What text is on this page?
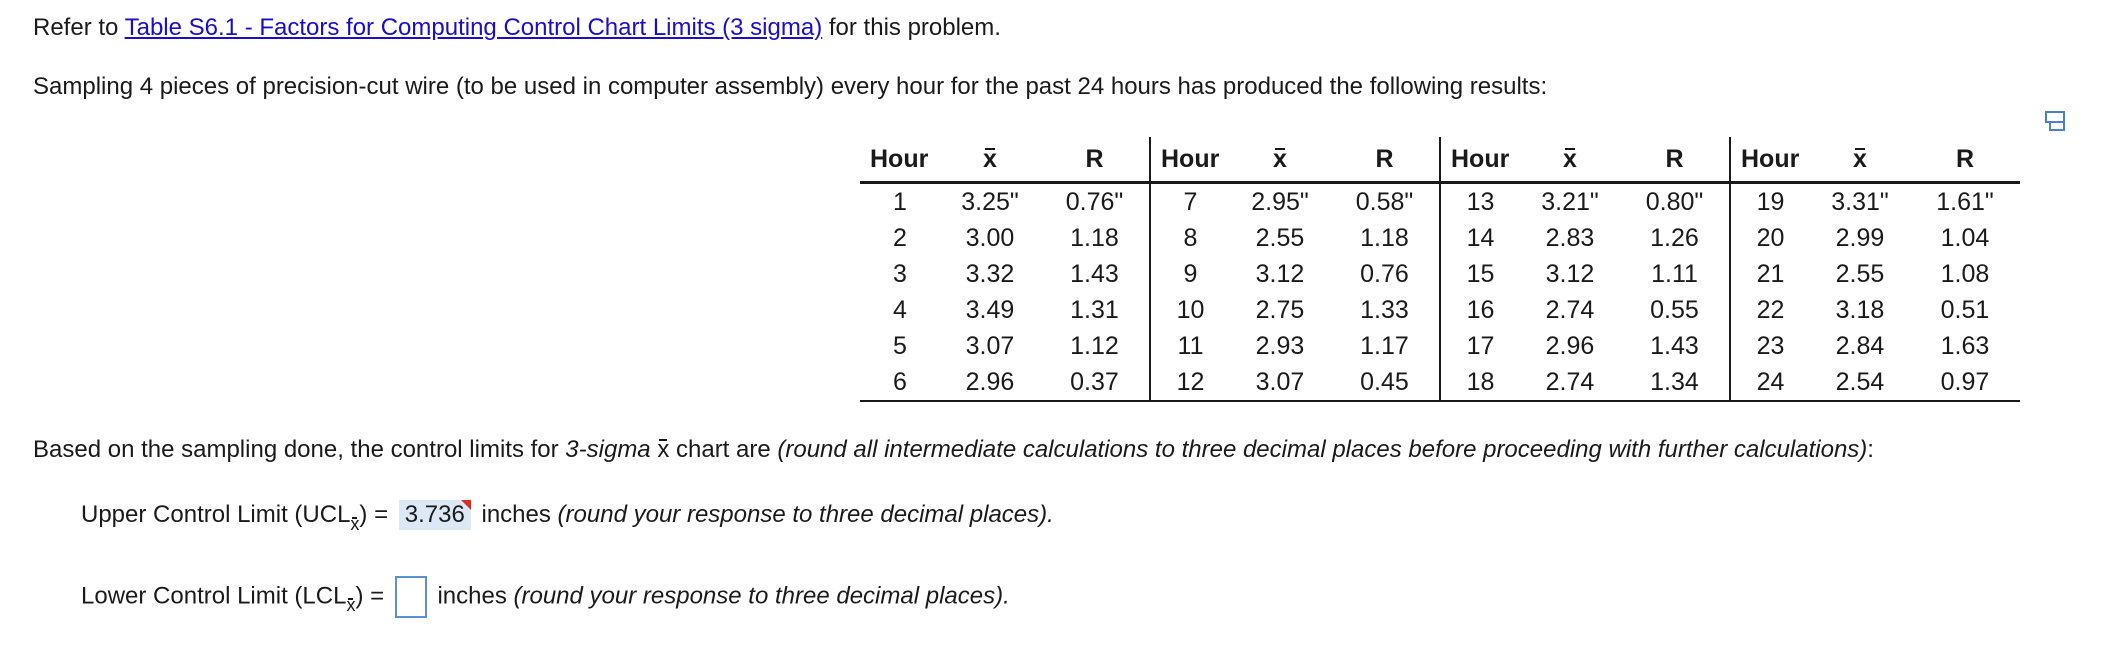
Refer to Table S6.1 - Factors for Computing Control Chart Limits (3 sigma) for this problem.
Sampling 4 pieces of precision-cut wire (to be used in computer assembly) every hour for the past 24 hours has produced the following results:
Hour	x	R	Hour	x	R	Hour	x	R	Hour	x	R
1	3.25"	0.76"	7	2.95"	0.58"	13	3.21"	0.80"	19	3.31"	1.61"
2	3.00	1.18	8	2.55	1.18	14	2.83	1.26	20	2.99	1.04
3	3.32	1.43	9	3.12	0.76	15	3.12	1.11	21	2.55	1.08
4	3.49	1.31	10	2.75	1.33	16	2.74	0.55	22	3.18	0.51
5	3.07	1.12	11	2.93	1.17	17	2.96	1.43	23	2.84	1.63
6	2.96	0.37	12	3.07	0.45	18	2.74	1.34	24	2.54	0.97
Based on the sampling done, the control limits for 3-sigma x chart are (round all intermediate calculations to three decimal places before proceeding with further calculations):
Upper Control Limit (UCLx) = 3.736 inches (round your response to three decimal places).
Lower Control Limit (LCLx) =  inches (round your response to three decimal places).
